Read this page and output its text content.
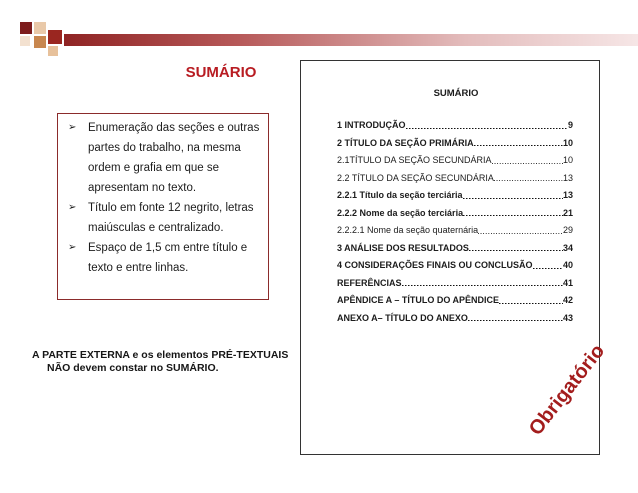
SUMÁRIO
➢ Enumeração das seções e outras
partes do trabalho, na mesma
ordem e grafia em que se
apresentam no texto.
➢ Título em fonte 12 negrito, letras
maiúsculas e centralizado.
➢ Espaço de 1,5 cm entre título e
texto e entre linhas.
A PARTE EXTERNA e os elementos PRÉ-TEXTUAIS
NÃO devem constar no SUMÁRIO.
SUMÁRIO
1 INTRODUÇÃO	9
2 TÍTULO DA SEÇÃO PRIMÁRIA	10
2.1TÍTULO DA SEÇÃO SECUNDÁRIA	10
2.2 TÍTULO DA SEÇÃO SECUNDÁRIA	13
2.2.1 Título da seção terciária	13
2.2.2 Nome da seção terciária	21
2.2.2.1 Nome da seção quaternária	29
3 ANÁLISE DOS RESULTADOS	34
4 CONSIDERAÇÕES FINAIS OU CONCLUSÃO	40
REFERÊNCIAS	41
APÊNDICE A – TÍTULO DO APÊNDICE	42
ANEXO A– TÍTULO DO ANEXO	43
Obrigatório
